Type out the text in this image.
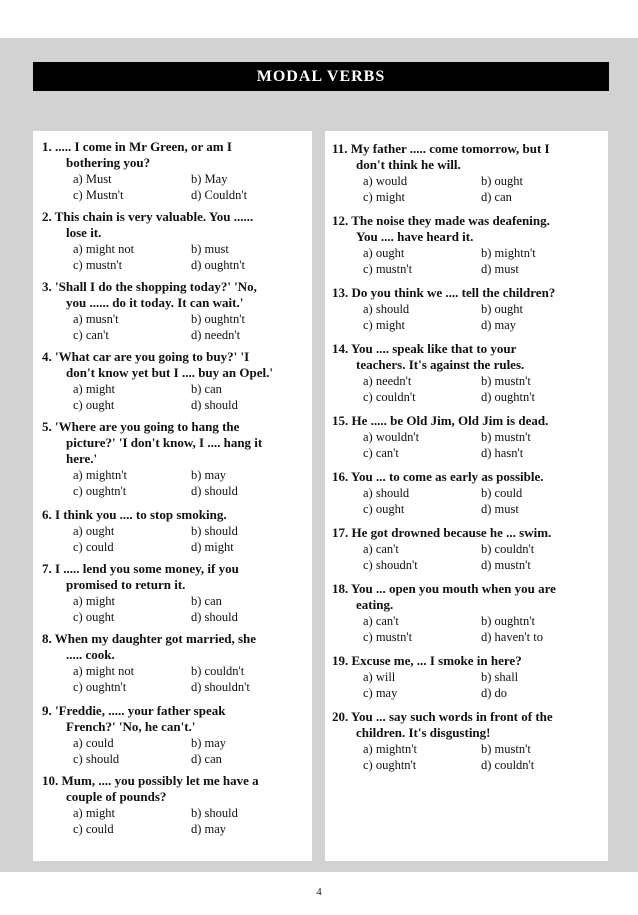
MODAL VERBS
1. ..... I come in Mr Green, or am I
bothering you?
a) Must	b) May
c) Mustn't	d) Couldn't
2. This chain is very valuable. You ......
lose it.
a) might not	b) must
c) mustn't	d) oughtn't
3. 'Shall I do the shopping today?' 'No,
you ...... do it today. It can wait.'
a) musn't	b) oughtn't
c) can't	d) needn't
4. 'What car are you going to buy?' 'I
don't know yet but I .... buy an Opel.'
a) might	b) can
c) ought	d) should
5. 'Where are you going to hang the
picture?' 'I don't know, I .... hang it
here.'
a) mightn't	b) may
c) oughtn't	d) should
6. I think you .... to stop smoking.
a) ought	b) should
c) could	d) might
7. I ..... lend you some money, if you
promised to return it.
a) might	b) can
c) ought	d) should
8. When my daughter got married, she
..... cook.
a) might not	b) couldn't
c) oughtn't	d) shouldn't
9. 'Freddie, ..... your father speak
French?' 'No, he can't.'
a) could	b) may
c) should	d) can
10. Mum, .... you possibly let me have a
couple of pounds?
a) might	b) should
c) could	d) may
11. My father ..... come tomorrow, but I
don't think he will.
a) would	b) ought
c) might	d) can
12. The noise they made was deafening.
You .... have heard it.
a) ought	b) mightn't
c) mustn't	d) must
13. Do you think we .... tell the children?
a) should	b) ought
c) might	d) may
14. You .... speak like that to your
teachers. It's against the rules.
a) needn't	b) mustn't
c) couldn't	d) oughtn't
15. He ..... be Old Jim, Old Jim is dead.
a) wouldn't	b) mustn't
c) can't	d) hasn't
16. You ... to come as early as possible.
a) should	b) could
c) ought	d) must
17. He got drowned because he ... swim.
a) can't	b) couldn't
c) shoudn't	d) mustn't
18. You ... open you mouth when you are
eating.
a) can't	b) oughtn't
c) mustn't	d) haven't to
19. Excuse me, ... I smoke in here?
a) will	b) shall
c) may	d) do
20. You ... say such words in front of the
children. It's disgusting!
a) mightn't	b) mustn't
c) oughtn't	d) couldn't
4
